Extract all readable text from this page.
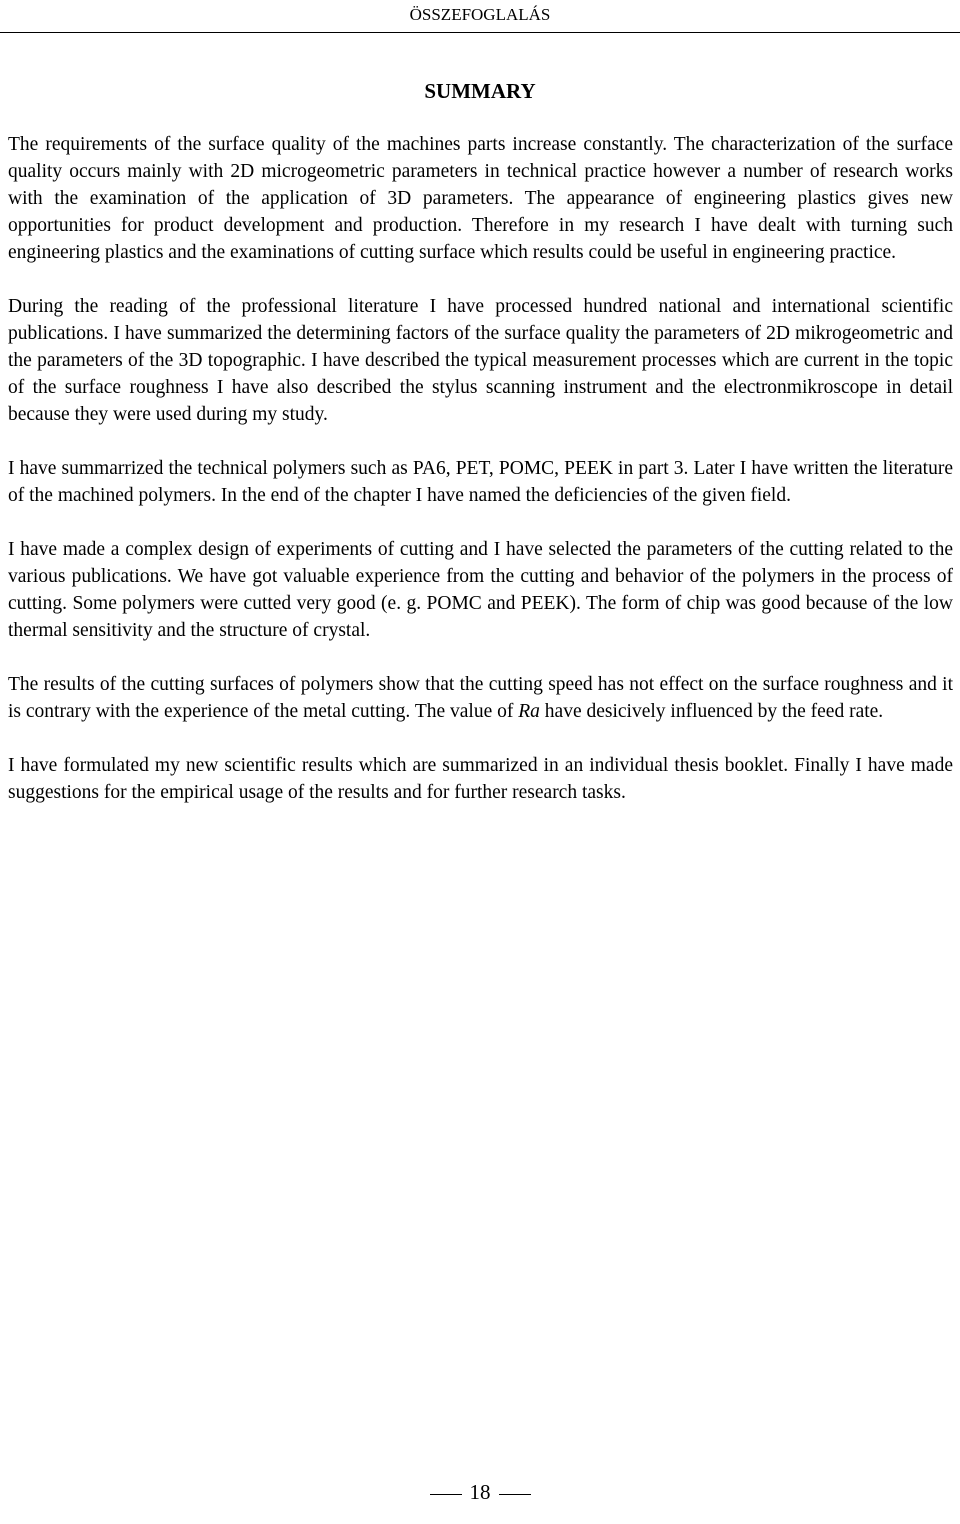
ÖSSZEFOGLALÁS
SUMMARY

The requirements of the surface quality of the machines parts increase constantly. The characterization of the surface quality occurs mainly with 2D microgeometric parameters in technical practice however a number of research works with the examination of the application of 3D parameters. The appearance of engineering plastics gives new opportunities for product development and production. Therefore in my research I have dealt with turning such engineering plastics and the examinations of cutting surface which results could be useful in engineering practice.

During the reading of the professional literature I have processed hundred national and international scientific publications. I have summarized the determining factors of the surface quality the parameters of 2D mikrogeometric and the parameters of the 3D topographic. I have described the typical measurement processes which are current in the topic of the surface roughness I have also described the stylus scanning instrument and the electronmikroscope in detail because they were used during my study.

I have summarrized the technical polymers such as PA6, PET, POMC, PEEK in part 3. Later I have written the literature of the machined polymers. In the end of the chapter I have named the deficiencies of the given field.

I have made a complex design of experiments of cutting and I have selected the parameters of the cutting related to the various publications. We have got valuable experience from the cutting and behavior of the polymers in the process of cutting. Some polymers were cutted very good (e. g. POMC and PEEK). The form of chip was good because of the low thermal sensitivity and the structure of crystal.

The results of the cutting surfaces of polymers show that the cutting speed has not effect on the surface roughness and it is contrary with the experience of the metal cutting. The value of Ra have desicively influenced by the feed rate.

I have formulated my new scientific results which are summarized in an individual thesis booklet. Finally I have made suggestions for the empirical usage of the results and for further research tasks.

18
